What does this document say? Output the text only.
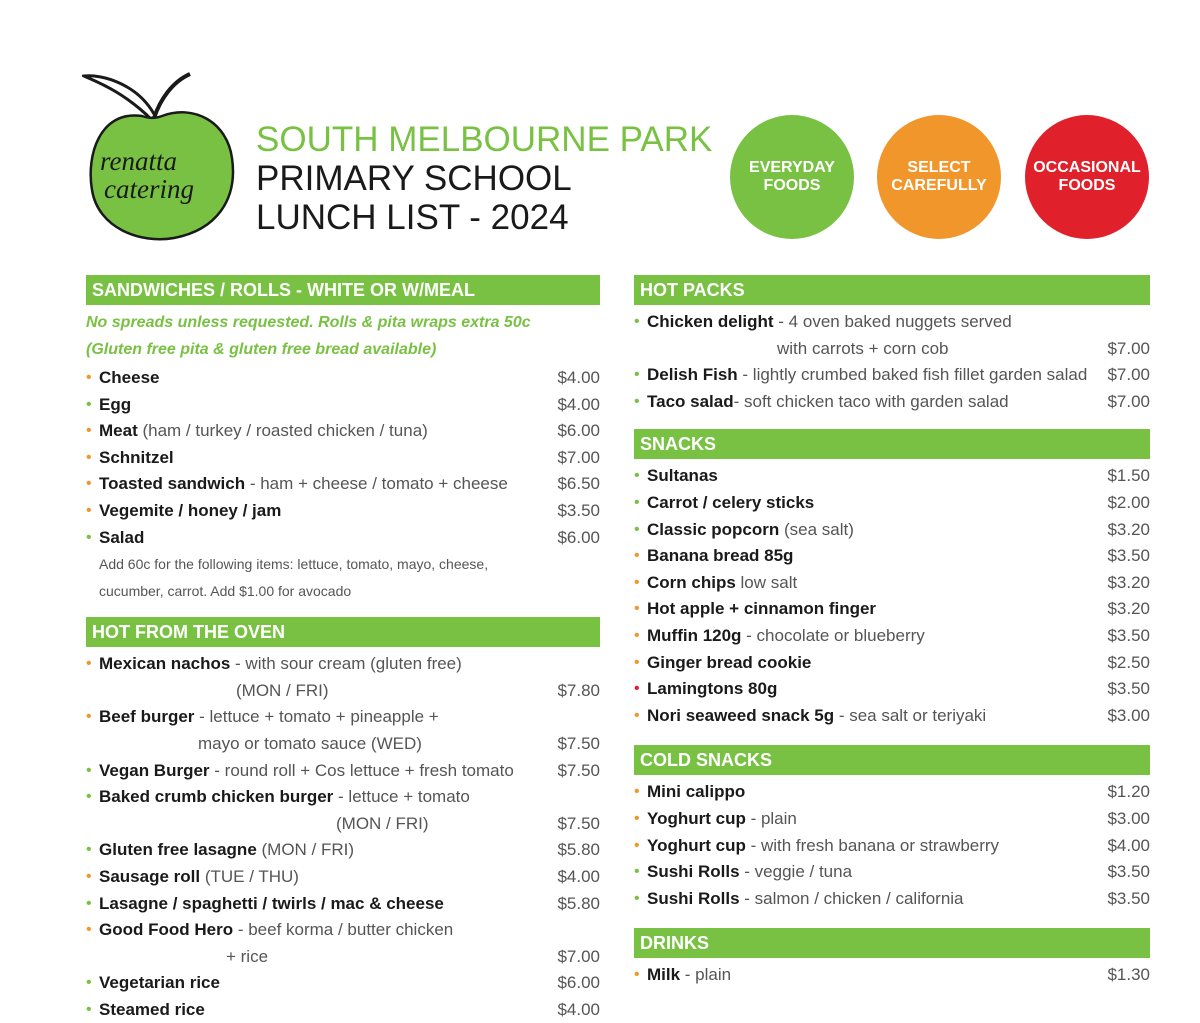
renatta
catering
SOUTH MELBOURNE PARK
PRIMARY SCHOOL
LUNCH LIST - 2024
EVERYDAY
FOODS
SELECT
CAREFULLY
OCCASIONAL
FOODS
SANDWICHES / ROLLS - WHITE OR W/MEAL
No spreads unless requested. Rolls & pita wraps extra 50c
(Gluten free pita & gluten free bread available)
• Cheese	$4.00
• Egg	$4.00
• Meat (ham / turkey / roasted chicken / tuna)	$6.00
• Schnitzel	$7.00
• Toasted sandwich - ham + cheese / tomato + cheese	$6.50
• Vegemite / honey / jam	$3.50
• Salad	$6.00
Add 60c for the following items: lettuce, tomato, mayo, cheese,
cucumber, carrot. Add $1.00 for avocado
HOT FROM THE OVEN
• Mexican nachos - with sour cream (gluten free)
(MON / FRI)	$7.80
• Beef burger - lettuce + tomato + pineapple +
mayo or tomato sauce (WED)	$7.50
• Vegan Burger - round roll + Cos lettuce + fresh tomato	$7.50
• Baked crumb chicken burger - lettuce + tomato
(MON / FRI)	$7.50
• Gluten free lasagne (MON / FRI)	$5.80
• Sausage roll (TUE / THU)	$4.00
• Lasagne / spaghetti / twirls / mac & cheese	$5.80
• Good Food Hero - beef korma / butter chicken
+ rice	$7.00
• Vegetarian rice	$6.00
• Steamed rice	$4.00
HOT PACKS
• Chicken delight - 4 oven baked nuggets served
with carrots + corn cob	$7.00
• Delish Fish - lightly crumbed baked fish fillet garden salad $7.00
• Taco salad- soft chicken taco with garden salad	$7.00
SNACKS
• Sultanas	$1.50
• Carrot / celery sticks	$2.00
• Classic popcorn (sea salt)	$3.20
• Banana bread 85g	$3.50
• Corn chips low salt	$3.20
• Hot apple + cinnamon finger	$3.20
• Muffin 120g - chocolate or blueberry	$3.50
• Ginger bread cookie	$2.50
• Lamingtons 80g	$3.50
• Nori seaweed snack 5g - sea salt or teriyaki	$3.00
COLD SNACKS
• Mini calippo	$1.20
• Yoghurt cup - plain	$3.00
• Yoghurt cup - with fresh banana or strawberry	$4.00
• Sushi Rolls - veggie / tuna	$3.50
• Sushi Rolls - salmon / chicken / california	$3.50
DRINKS
• Milk - plain	$1.30
